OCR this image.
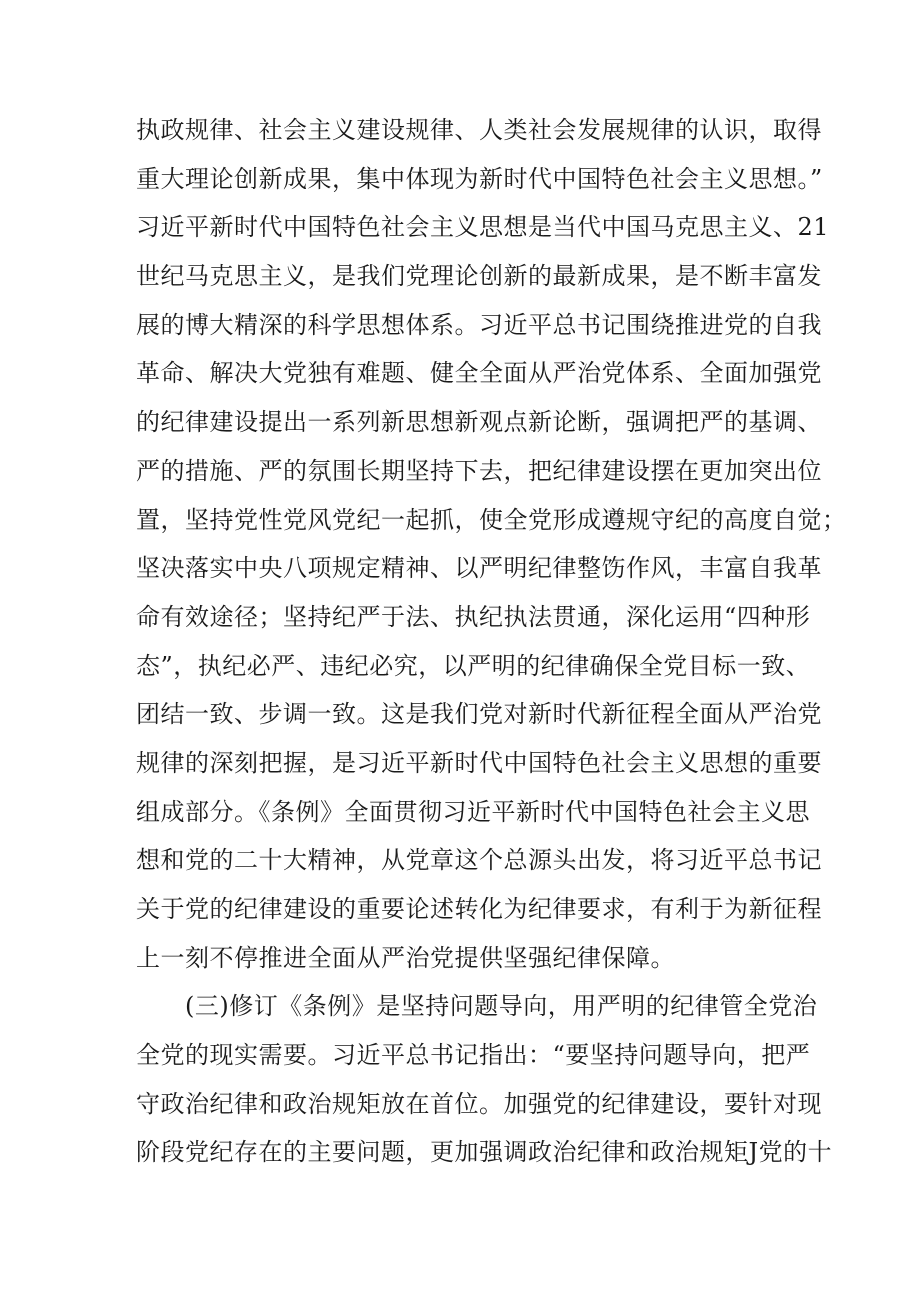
执政规律、社会主义建设规律、人类社会发展规律的认识，取得
重大理论创新成果，集中体现为新时代中国特色社会主义思想。”
习近平新时代中国特色社会主义思想是当代中国马克思主义、21
世纪马克思主义，是我们党理论创新的最新成果，是不断丰富发
展的博大精深的科学思想体系。习近平总书记围绕推进党的自我
革命、解决大党独有难题、健全全面从严治党体系、全面加强党
的纪律建设提出一系列新思想新观点新论断，强调把严的基调、
严的措施、严的氛围长期坚持下去，把纪律建设摆在更加突出位
置，坚持党性党风党纪一起抓，使全党形成遵规守纪的高度自觉；
坚决落实中央八项规定精神、以严明纪律整饬作风，丰富自我革
命有效途径；坚持纪严于法、执纪执法贯通，深化运用“四种形
态”，执纪必严、违纪必究，以严明的纪律确保全党目标一致、
团结一致、步调一致。这是我们党对新时代新征程全面从严治党
规律的深刻把握，是习近平新时代中国特色社会主义思想的重要
组成部分。《条例》全面贯彻习近平新时代中国特色社会主义思
想和党的二十大精神，从党章这个总源头出发，将习近平总书记
关于党的纪律建设的重要论述转化为纪律要求，有利于为新征程
上一刻不停推进全面从严治党提供坚强纪律保障。
(三)修订《条例》是坚持问题导向，用严明的纪律管全党治
全党的现实需要。习近平总书记指出：“要坚持问题导向，把严
守政治纪律和政治规矩放在首位。加强党的纪律建设，要针对现
阶段党纪存在的主要问题，更加强调政治纪律和政治规矩J党的十
